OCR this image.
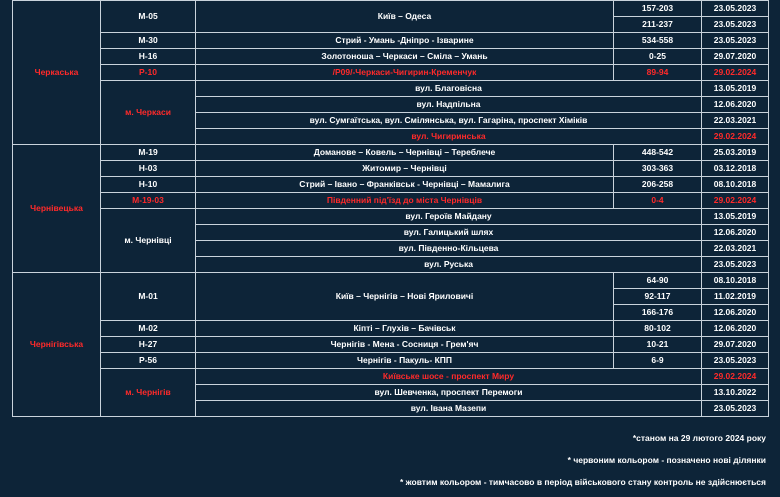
Черкаська	М-05	Київ – Одеса	157-203	23.05.2023
			211-237	23.05.2023
	М-30	Стрий - Умань -Дніпро - Ізварине	534-558	23.05.2023
	Н-16	Золотоноша – Черкаси – Сміла – Умань	0-25	29.07.2020
	Р-10	/Р09/-Черкаси-Чигирин-Кременчук	89-94	29.02.2024
	м. Черкаси	вул. Благовісна		13.05.2019
		вул. Надпільна		12.06.2020
		вул. Сумгаїтська, вул. Смілянська, вул. Гагаріна, проспект Хіміків		22.03.2021
		вул. Чигиринська		29.02.2024
Чернівецька	М-19	Доманове – Ковель – Чернівці – Тереблече	448-542	25.03.2019
	Н-03	Житомир – Чернівці	303-363	03.12.2018
	Н-10	Стрий – Івано – Франківськ - Чернівці – Мамалига	206-258	08.10.2018
	М-19-03	Південний під'їзд до міста Чернівців	0-4	29.02.2024
	м. Чернівці	вул. Героїв Майдану		13.05.2019
		вул. Галицький шлях		12.06.2020
		вул. Південно-Кільцева		22.03.2021
		вул. Руська		23.05.2023
Чернігівська	М-01	Київ – Чернігів – Нові Яриловичі	64-90	08.10.2018
			92-117	11.02.2019
			166-176	12.06.2020
	М-02	Кіпті – Глухів – Бачівськ	80-102	12.06.2020
	Н-27	Чернігів - Мена - Сосниця - Грем'яч	10-21	29.07.2020
	Р-56	Чернігів - Пакуль- КПП	6-9	23.05.2023
	м. Чернігів	Київське шосе - проспект Миру		29.02.2024
		вул. Шевченка, проспект Перемоги		13.10.2022
		вул. Івана Мазепи		23.05.2023
*станом на 29 лютого 2024 року
* червоним кольором - позначено нові ділянки
* жовтим кольором - тимчасово в період військового стану контроль не здійснюється
